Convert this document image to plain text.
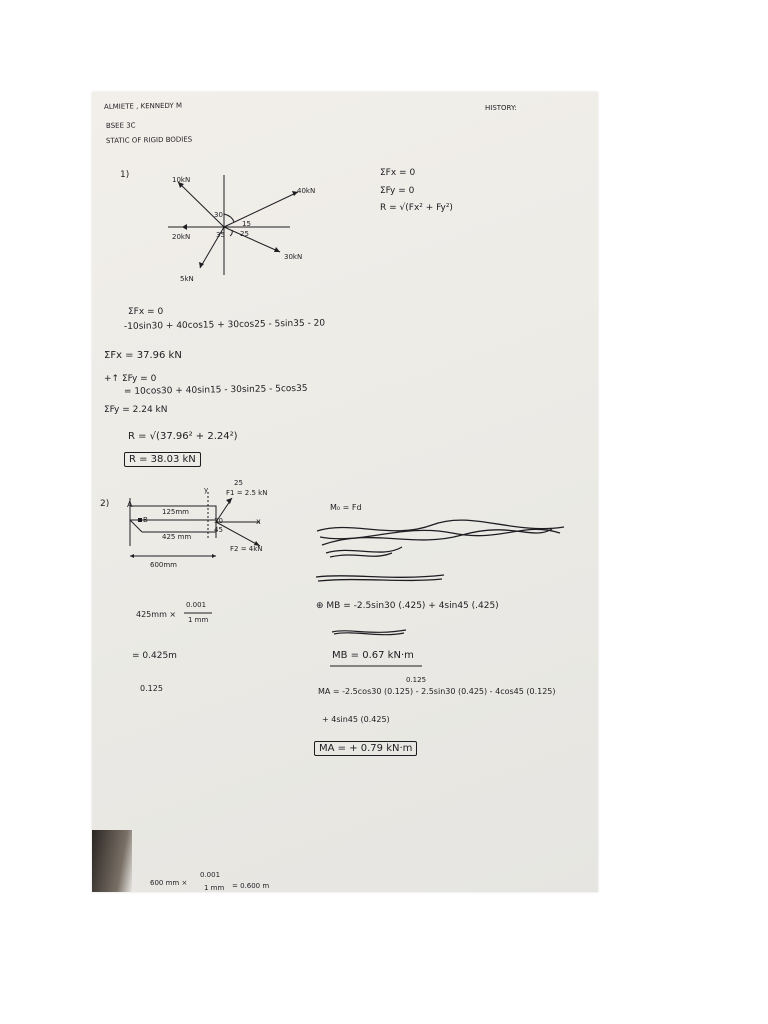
ALMIETE , KENNEDY M
BSEE 3C
STATIC OF RIGID BODIES
HISTORY:
1)	10kN
40kN
30kN
5kN
20kN
30
15
25
35
ΣFx = 0
ΣFy = 0
R = √(Fx² + Fy²)
ΣFx = 0
-10sin30 + 40cos15 + 30cos25 - 5sin35 - 20
ΣFx = 37.96 kN
+↑ ΣFy = 0
= 10cos30 + 40sin15 - 30sin25 - 5cos35
ΣFy = 2.24 kN
R = √(37.96² + 2.24²)
R = 38.03 kN
2) A
B
125mm
425 mm
600mm
y
x
25
30
45
F1 = 2.5 kN
F2 = 4kN
425mm ×
0.001
1 mm
= 0.425m
0.125
M₀ = Fd
⊕ MB = -2.5sin30 (.425) + 4sin45 (.425)
MB = 0.67 kN·m
0.125
MA = -2.5cos30 (0.125) - 2.5sin30 (0.425) - 4cos45 (0.125)
+ 4sin45 (0.425)
MA = + 0.79 kN·m
600 mm ×
0.001
1 mm = 0.600 m
